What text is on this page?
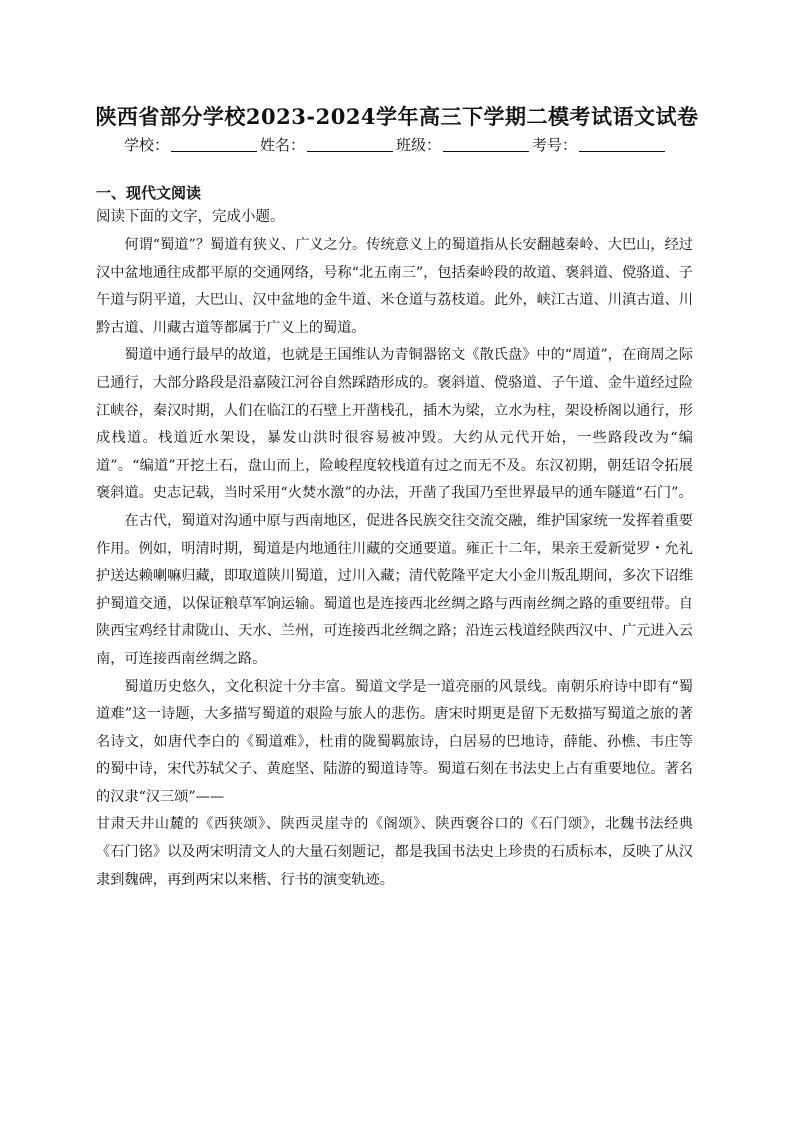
陕西省部分学校2023-2024学年高三下学期二模考试语文试卷
学校：	姓名：	班级：	考号：
一、现代文阅读
阅读下面的文字，完成小题。

何谓“蜀道”？蜀道有狭义、广义之分。传统意义上的蜀道指从长安翻越秦岭、大巴山，经过汉中盆地通往成都平原的交通网络，号称“北五南三”，包括秦岭段的故道、褒斜道、傥骆道、子午道与阴平道，大巴山、汉中盆地的金牛道、米仓道与荔枝道。此外，峡江古道、川滇古道、川黔古道、川藏古道等都属于广义上的蜀道。

蜀道中通行最早的故道，也就是王国维认为青铜器铭文《散氏盘》中的“周道”，在商周之际已通行，大部分路段是沿嘉陵江河谷自然踩踏形成的。褒斜道、傥骆道、子午道、金牛道经过险江峡谷，秦汉时期，人们在临江的石壁上开凿栈孔，插木为梁，立水为柱，架设桥阁以通行，形成栈道。栈道近水架设，暴发山洪时很容易被冲毁。大约从元代开始，一些路段改为“编道”。“编道”开挖土石，盘山而上，险峻程度较栈道有过之而无不及。东汉初期，朝廷诏令拓展褒斜道。史志记载，当时采用“火焚水激”的办法，开凿了我国乃至世界最早的通车隧道“石门”。

在古代，蜀道对沟通中原与西南地区，促进各民族交往交流交融，维护国家统一发挥着重要作用。例如，明清时期，蜀道是内地通往川藏的交通要道。雍正十二年，果亲王爱新觉罗・允礼护送达赖喇嘛归藏，即取道陕川蜀道，过川入藏；清代乾隆平定大小金川叛乱期间，多次下诏维护蜀道交通，以保证粮草军饷运输。蜀道也是连接西北丝绸之路与西南丝绸之路的重要纽带。自陕西宝鸡经甘肃陇山、天水、兰州，可连接西北丝绸之路；沿连云栈道经陕西汉中、广元进入云南，可连接西南丝绸之路。

蜀道历史悠久，文化积淀十分丰富。蜀道文学是一道亮丽的风景线。南朝乐府诗中即有“蜀道难”这一诗题，大多描写蜀道的艰险与旅人的悲伤。唐宋时期更是留下无数描写蜀道之旅的著名诗文，如唐代李白的《蜀道难》，杜甫的陇蜀羁旅诗，白居易的巴地诗，薛能、孙樵、韦庄等的蜀中诗，宋代苏轼父子、黄庭坚、陆游的蜀道诗等。蜀道石刻在书法史上占有重要地位。著名的汉隶“汉三颂”——

甘肃天井山麓的《西狭颂》、陕西灵崖寺的《阁颂》、陕西褒谷口的《石门颂》，北魏书法经典《石门铭》以及两宋明清文人的大量石刻题记，都是我国书法史上珍贵的石质标本，反映了从汉隶到魏碑，再到两宋以来楷、行书的演变轨迹。
